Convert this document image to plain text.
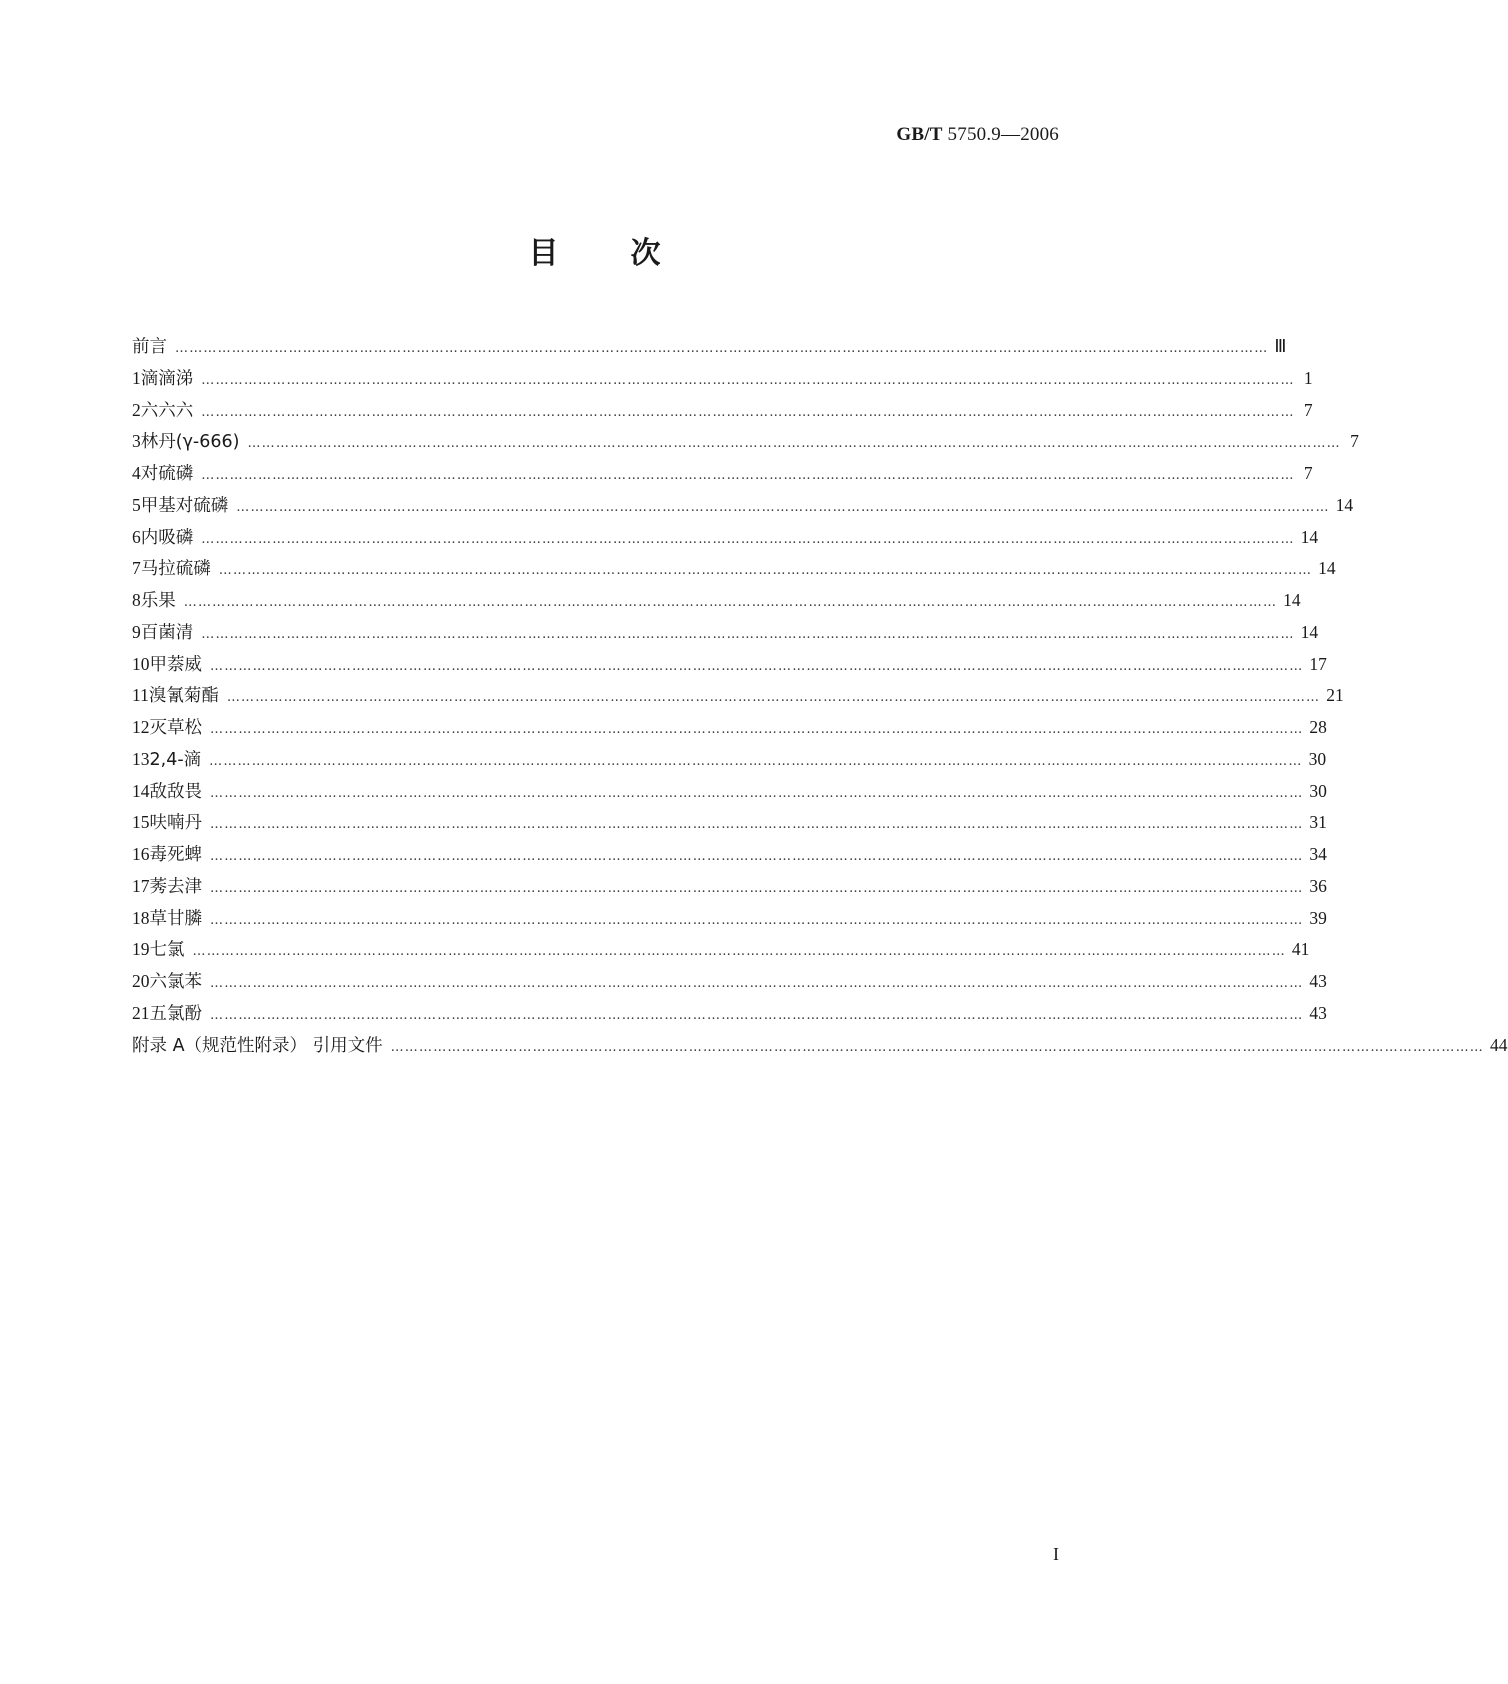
GB/T 5750.9—2006
目 次
前言 …………………………………………………………………………………………………………………………………………………………………………………………………………… Ⅲ
1 滴滴涕 …………………………………………………………………………………………………………………………………………………………………………………………………………… 1
2 六六六 …………………………………………………………………………………………………………………………………………………………………………………………………………… 7
3 林丹(γ-666) …………………………………………………………………………………………………………………………………………………………………………………………………………… 7
4 对硫磷 …………………………………………………………………………………………………………………………………………………………………………………………………………… 7
5 甲基对硫磷 …………………………………………………………………………………………………………………………………………………………………………………………………………… 14
6 内吸磷 …………………………………………………………………………………………………………………………………………………………………………………………………………… 14
7 马拉硫磷 …………………………………………………………………………………………………………………………………………………………………………………………………………… 14
8 乐果 …………………………………………………………………………………………………………………………………………………………………………………………………………… 14
9 百菌清 …………………………………………………………………………………………………………………………………………………………………………………………………………… 14
10 甲萘威 …………………………………………………………………………………………………………………………………………………………………………………………………………… 17
11 溴氰菊酯 …………………………………………………………………………………………………………………………………………………………………………………………………………… 21
12 灭草松 …………………………………………………………………………………………………………………………………………………………………………………………………………… 28
13 2,4-滴 …………………………………………………………………………………………………………………………………………………………………………………………………………… 30
14 敌敌畏 …………………………………………………………………………………………………………………………………………………………………………………………………………… 30
15 呋喃丹 …………………………………………………………………………………………………………………………………………………………………………………………………………… 31
16 毒死蜱 …………………………………………………………………………………………………………………………………………………………………………………………………………… 34
17 莠去津 …………………………………………………………………………………………………………………………………………………………………………………………………………… 36
18 草甘膦 …………………………………………………………………………………………………………………………………………………………………………………………………………… 39
19 七氯 …………………………………………………………………………………………………………………………………………………………………………………………………………… 41
20 六氯苯 …………………………………………………………………………………………………………………………………………………………………………………………………………… 43
21 五氯酚 …………………………………………………………………………………………………………………………………………………………………………………………………………… 43
附录 A（规范性附录） 引用文件 …………………………………………………………………………………………………………………………………………………………………………………………………………… 44
I
